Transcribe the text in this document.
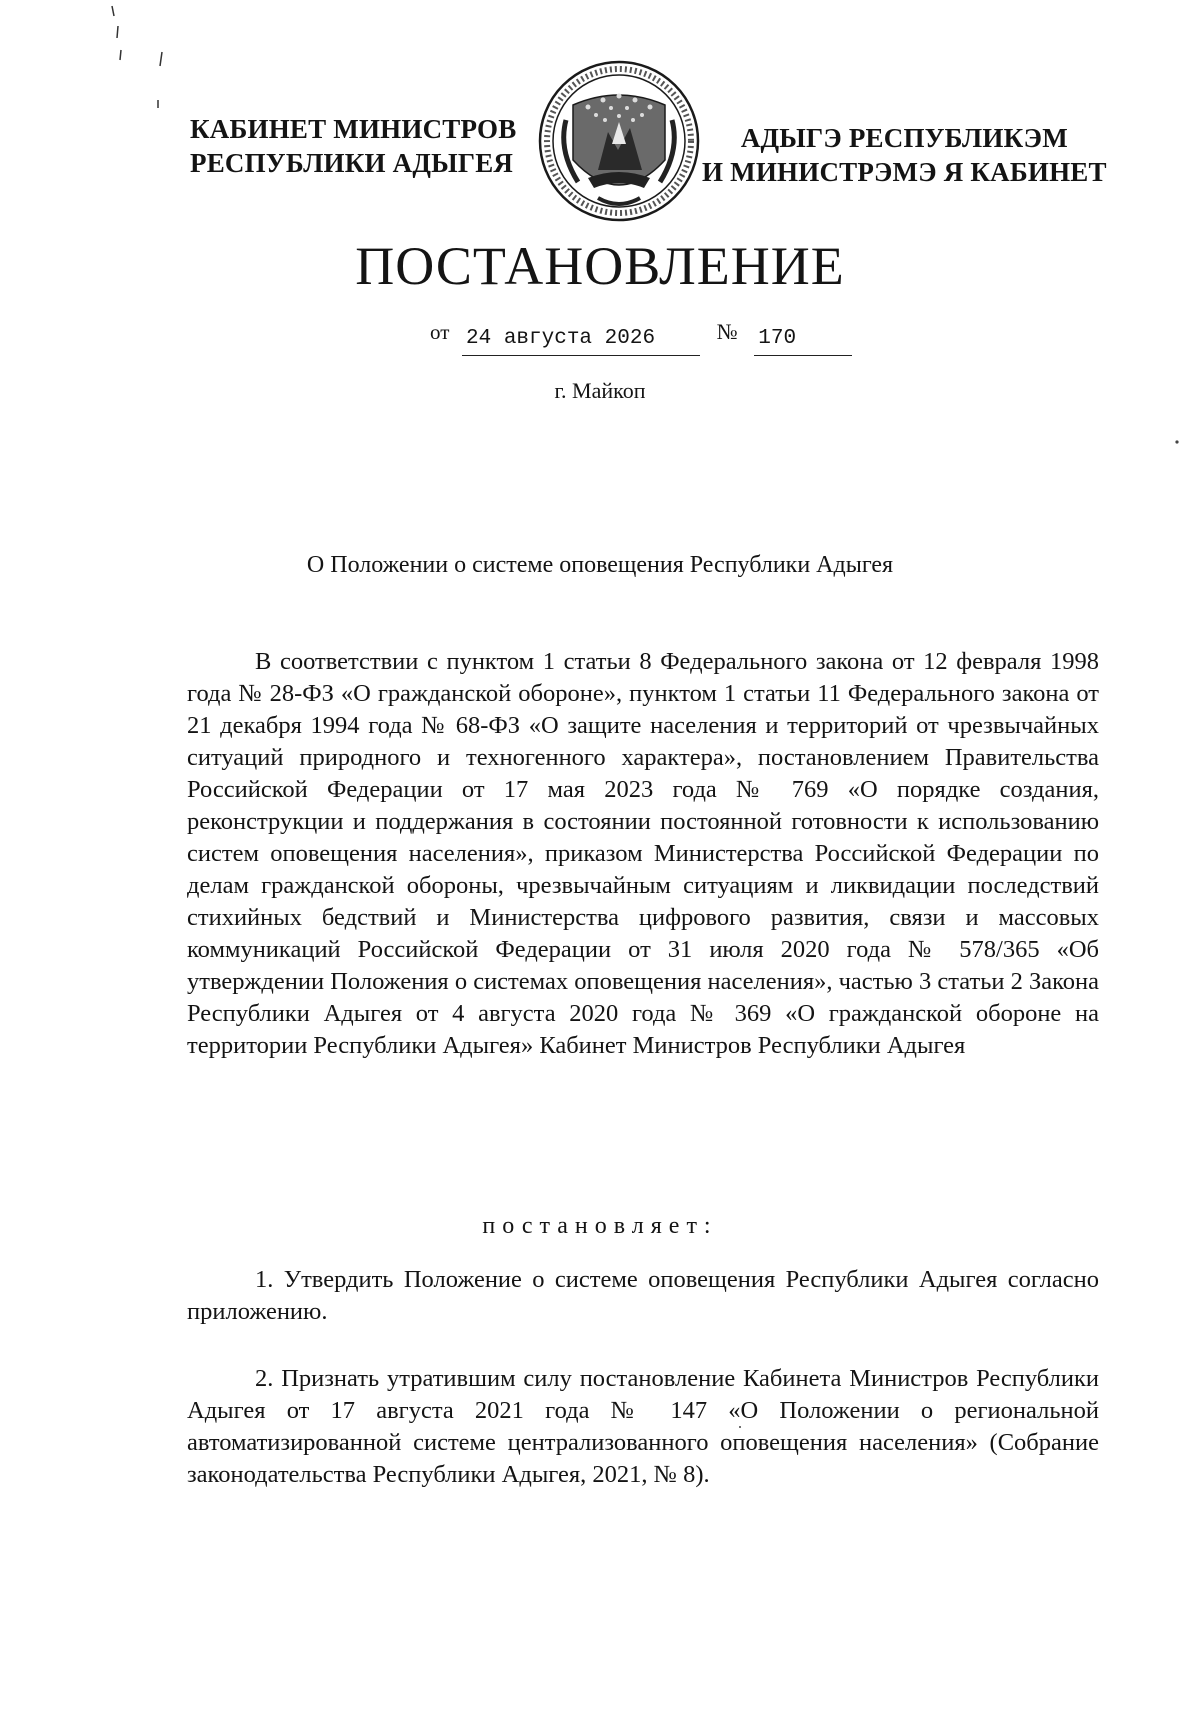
КАБИНЕТ МИНИСТРОВ
РЕСПУБЛИКИ АДЫГЕЯ
АДЫГЭ РЕСПУБЛИКЭМ
И МИНИСТРЭМЭ Я КАБИНЕТ
ПОСТАНОВЛЕНИЕ
от 24 августа 2026	№ 170
г. Майкоп
О Положении о системе оповещения Республики Адыгея
В соответствии с пунктом 1 статьи 8 Федерального закона от 12 февраля 1998 года № 28-ФЗ «О гражданской обороне», пунктом 1 статьи 11 Федерального закона от 21 декабря 1994 года № 68-ФЗ «О защите населения и территорий от чрезвычайных ситуаций природного и техногенного характера», постановлением Правительства Российской Федерации от 17 мая 2023 года № 769 «О порядке создания, реконструкции и поддержания в состоянии постоянной готовности к использованию систем оповещения населения», приказом Министерства Российской Федерации по делам гражданской обороны, чрезвычайным ситуациям и ликвидации последствий стихийных бедствий и Министерства цифрового развития, связи и массовых коммуникаций Российской Федерации от 31 июля 2020 года № 578/365 «Об утверждении Положения о системах оповещения населения», частью 3 статьи 2 Закона Республики Адыгея от 4 августа 2020 года № 369 «О гражданской обороне на территории Республики Адыгея» Кабинет Министров Республики Адыгея
постановляет:
1. Утвердить Положение о системе оповещения Республики Адыгея согласно приложению.
2. Признать утратившим силу постановление Кабинета Министров Республики Адыгея от 17 августа 2021 года № 147 «О Положении о региональной автоматизированной системе централизованного оповещения населения» (Собрание законодательства Республики Адыгея, 2021, № 8).
